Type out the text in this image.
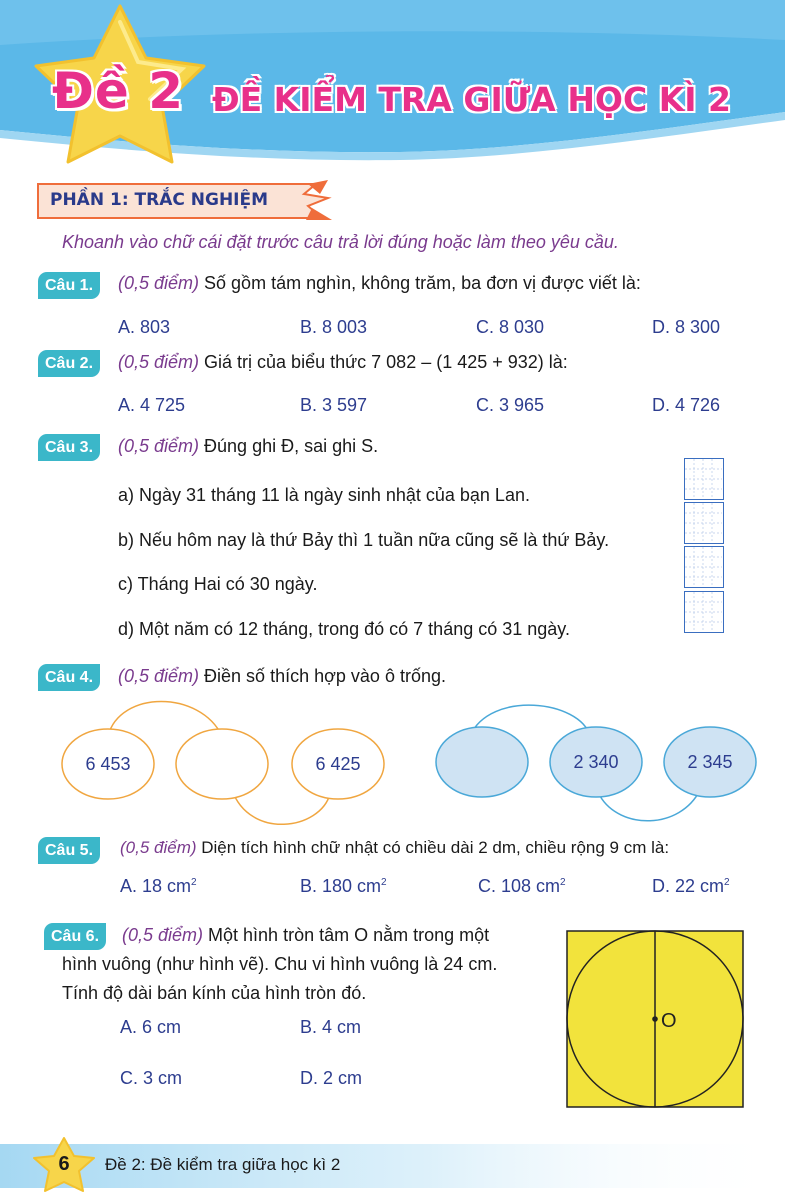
Đề 2 ĐỀ KIỂM TRA GIỮA HỌC KÌ 2
PHẦN 1: TRẮC NGHIỆM
Khoanh vào chữ cái đặt trước câu trả lời đúng hoặc làm theo yêu cầu.
Câu 1.	(0,5 điểm) Số gồm tám nghìn, không trăm, ba đơn vị được viết là:
A. 803	B. 8 003	C. 8 030	D. 8 300
Câu 2.	(0,5 điểm) Giá trị của biểu thức 7 082 – (1 425 + 932) là:
A. 4 725	B. 3 597	C. 3 965	D. 4 726
Câu 3.	(0,5 điểm) Đúng ghi Đ, sai ghi S.
a) Ngày 31 tháng 11 là ngày sinh nhật của bạn Lan.
b) Nếu hôm nay là thứ Bảy thì 1 tuần nữa cũng sẽ là thứ Bảy.
c) Tháng Hai có 30 ngày.
d) Một năm có 12 tháng, trong đó có 7 tháng có 31 ngày.
Câu 4.	(0,5 điểm) Điền số thích hợp vào ô trống.
6 453	6 425	2 340	2 345
Câu 5.	(0,5 điểm) Diện tích hình chữ nhật có chiều dài 2 dm, chiều rộng 9 cm là:
A. 18 $cm^2$	B. 180 $cm^2$	C. 108 $cm^2$	D. 22 $cm^2$
Câu 6.	(0,5 điểm) Một hình tròn tâm O nằm trong một
hình vuông (như hình vẽ). Chu vi hình vuông là 24 cm.
Tính độ dài bán kính của hình tròn đó.
A. 6 cm	B. 4 cm
C. 3 cm	D. 2 cm
O
6 Đề 2: Đề kiểm tra giữa học kì 2
